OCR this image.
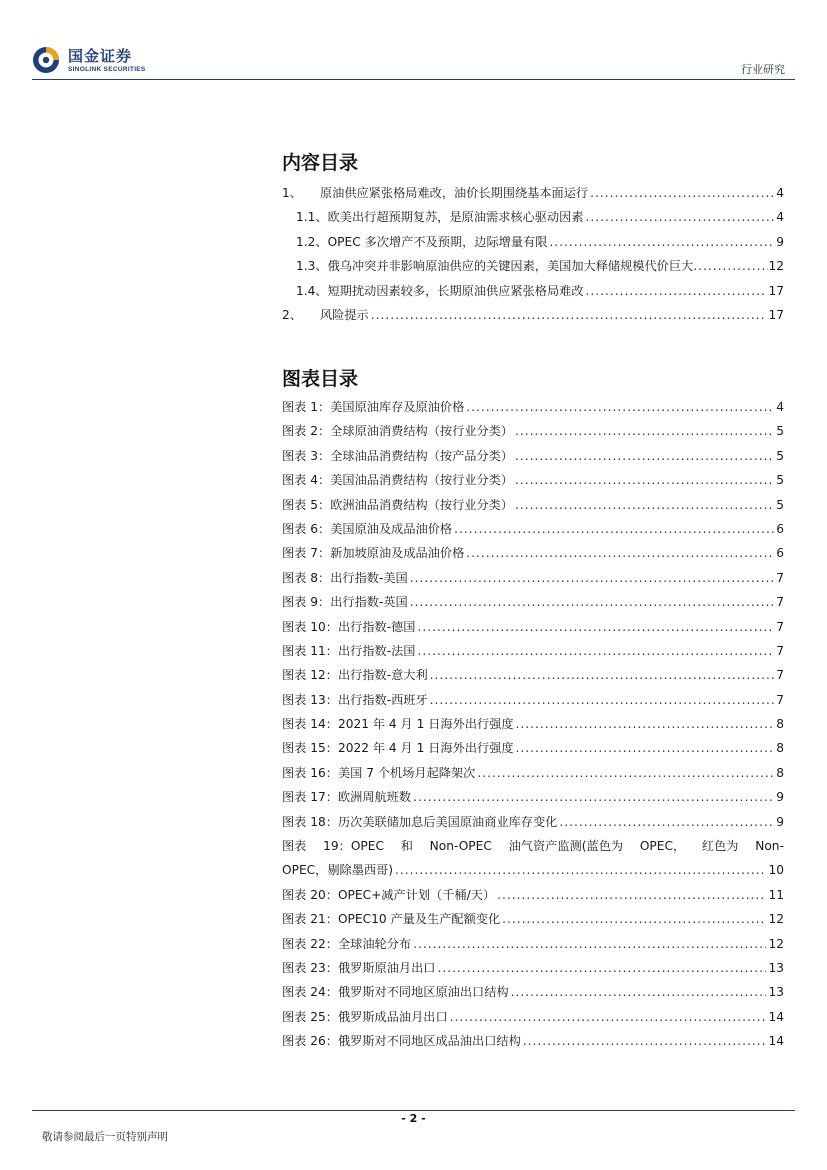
国金证券
SINOLINK SECURITIES	行业研究
内容目录
1、 原油供应紧张格局难改，油价长期围绕基本面运行 .....	4
1.1、 欧美出行超预期复苏，是原油需求核心驱动因素 .....	4
1.2、 OPEC 多次增产不及预期，边际增量有限 .....	9
1.3、 俄乌冲突并非影响原油供应的关键因素，美国加大释储规模代价巨大 .....	12
1.4、 短期扰动因素较多，长期原油供应紧张格局难改 .....	17
2、 风险提示 .....	17
图表目录
图表 1：美国原油库存及原油价格 .....	4
图表 2：全球原油消费结构（按行业分类） .....	5
图表 3：全球油品消费结构（按产品分类） .....	5
图表 4：美国油品消费结构（按行业分类） .....	5
图表 5：欧洲油品消费结构（按行业分类） .....	5
图表 6：美国原油及成品油价格 .....	6
图表 7：新加坡原油及成品油价格 .....	6
图表 8：出行指数-美国 .....	7
图表 9：出行指数-英国 .....	7
图表 10：出行指数-德国 .....	7
图表 11：出行指数-法国 .....	7
图表 12：出行指数-意大利 .....	7
图表 13：出行指数-西班牙 .....	7
图表 14：2021 年 4 月 1 日海外出行强度 .....	8
图表 15：2022 年 4 月 1 日海外出行强度 .....	8
图表 16：美国 7 个机场月起降架次 .....	8
图表 17：欧洲周航班数 .....	9
图表 18：历次美联储加息后美国原油商业库存变化 .....	9
图表 19：OPEC 和 Non-OPEC 油气资产监测(蓝色为 OPEC， 红色为 Non-
OPEC，剔除墨西哥) .....	10
图表 20：OPEC+减产计划（千桶/天） .....	11
图表 21：OPEC10 产量及生产配额变化 .....	12
图表 22：全球油轮分布 .....	12
图表 23：俄罗斯原油月出口 .....	13
图表 24：俄罗斯对不同地区原油出口结构 .....	13
图表 25：俄罗斯成品油月出口 .....	14
图表 26：俄罗斯对不同地区成品油出口结构 .....	14
- 2 -
敬请参阅最后一页特别声明
